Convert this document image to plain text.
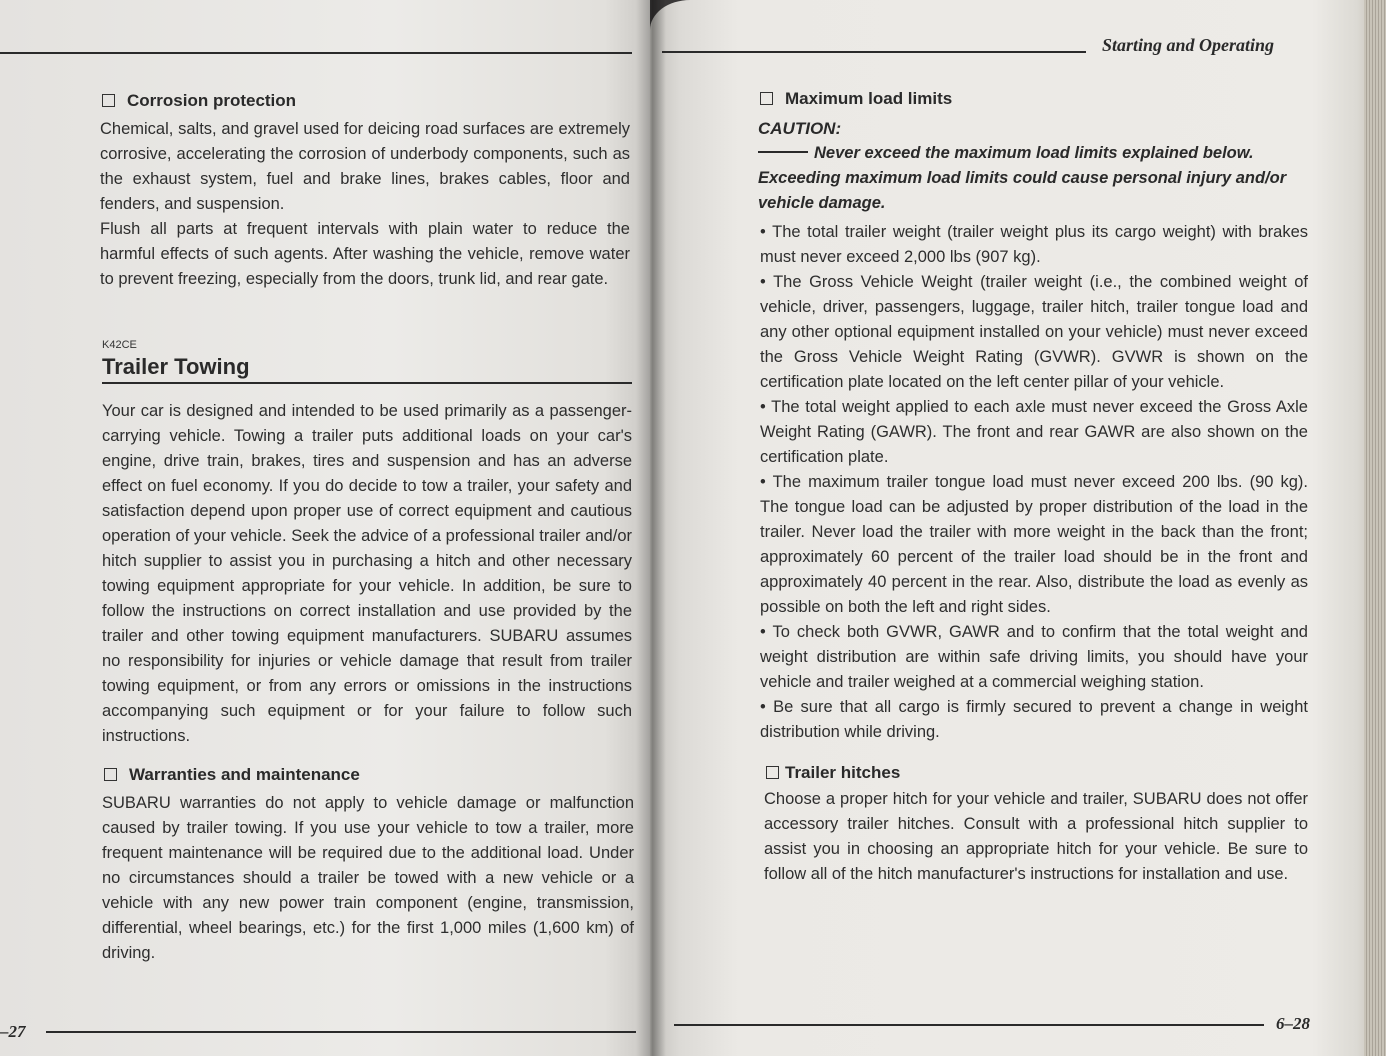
Corrosion protection

Chemical, salts, and gravel used for deicing road surfaces are extremely corrosive, accelerating the corrosion of underbody components, such as the exhaust system, fuel and brake lines, brakes cables, floor and fenders, and suspension.

Flush all parts at frequent intervals with plain water to reduce the harmful effects of such agents. After washing the vehicle, remove water to prevent freezing, especially from the doors, trunk lid, and rear gate.

K42CE

Trailer Towing

Your car is designed and intended to be used primarily as a passenger-carrying vehicle. Towing a trailer puts additional loads on your car's engine, drive train, brakes, tires and suspension and has an adverse effect on fuel economy. If you do decide to tow a trailer, your safety and satisfaction depend upon proper use of correct equipment and cautious operation of your vehicle. Seek the advice of a professional trailer and/or hitch supplier to assist you in purchasing a hitch and other necessary towing equipment appropriate for your vehicle. In addition, be sure to follow the instructions on correct installation and use provided by the trailer and other towing equipment manufacturers. SUBARU assumes no responsibility for injuries or vehicle damage that result from trailer towing equipment, or from any errors or omissions in the instructions accompanying such equipment or for your failure to follow such instructions.

Warranties and maintenance

SUBARU warranties do not apply to vehicle damage or malfunction caused by trailer towing. If you use your vehicle to tow a trailer, more frequent maintenance will be required due to the additional load. Under no circumstances should a trailer be towed with a new vehicle or a vehicle with any new power train component (engine, transmission, differential, wheel bearings, etc.) for the first 1,000 miles (1,600 km) of driving.

–27
Starting and Operating

Maximum load limits

CAUTION:

Never exceed the maximum load limits explained below. Exceeding maximum load limits could cause personal injury and/or vehicle damage.

• The total trailer weight (trailer weight plus its cargo weight) with brakes must never exceed 2,000 lbs (907 kg).

• The Gross Vehicle Weight (trailer weight (i.e., the combined weight of vehicle, driver, passengers, luggage, trailer hitch, trailer tongue load and any other optional equipment installed on your vehicle) must never exceed the Gross Vehicle Weight Rating (GVWR). GVWR is shown on the certification plate located on the left center pillar of your vehicle.

• The total weight applied to each axle must never exceed the Gross Axle Weight Rating (GAWR). The front and rear GAWR are also shown on the certification plate.

• The maximum trailer tongue load must never exceed 200 lbs. (90 kg). The tongue load can be adjusted by proper distribution of the load in the trailer. Never load the trailer with more weight in the back than the front; approximately 60 percent of the trailer load should be in the front and approximately 40 percent in the rear. Also, distribute the load as evenly as possible on both the left and right sides.

• To check both GVWR, GAWR and to confirm that the total weight and weight distribution are within safe driving limits, you should have your vehicle and trailer weighed at a commercial weighing station.

• Be sure that all cargo is firmly secured to prevent a change in weight distribution while driving.

Trailer hitches

Choose a proper hitch for your vehicle and trailer, SUBARU does not offer accessory trailer hitches. Consult with a professional hitch supplier to assist you in choosing an appropriate hitch for your vehicle. Be sure to follow all of the hitch manufacturer's instructions for installation and use.

6–28
